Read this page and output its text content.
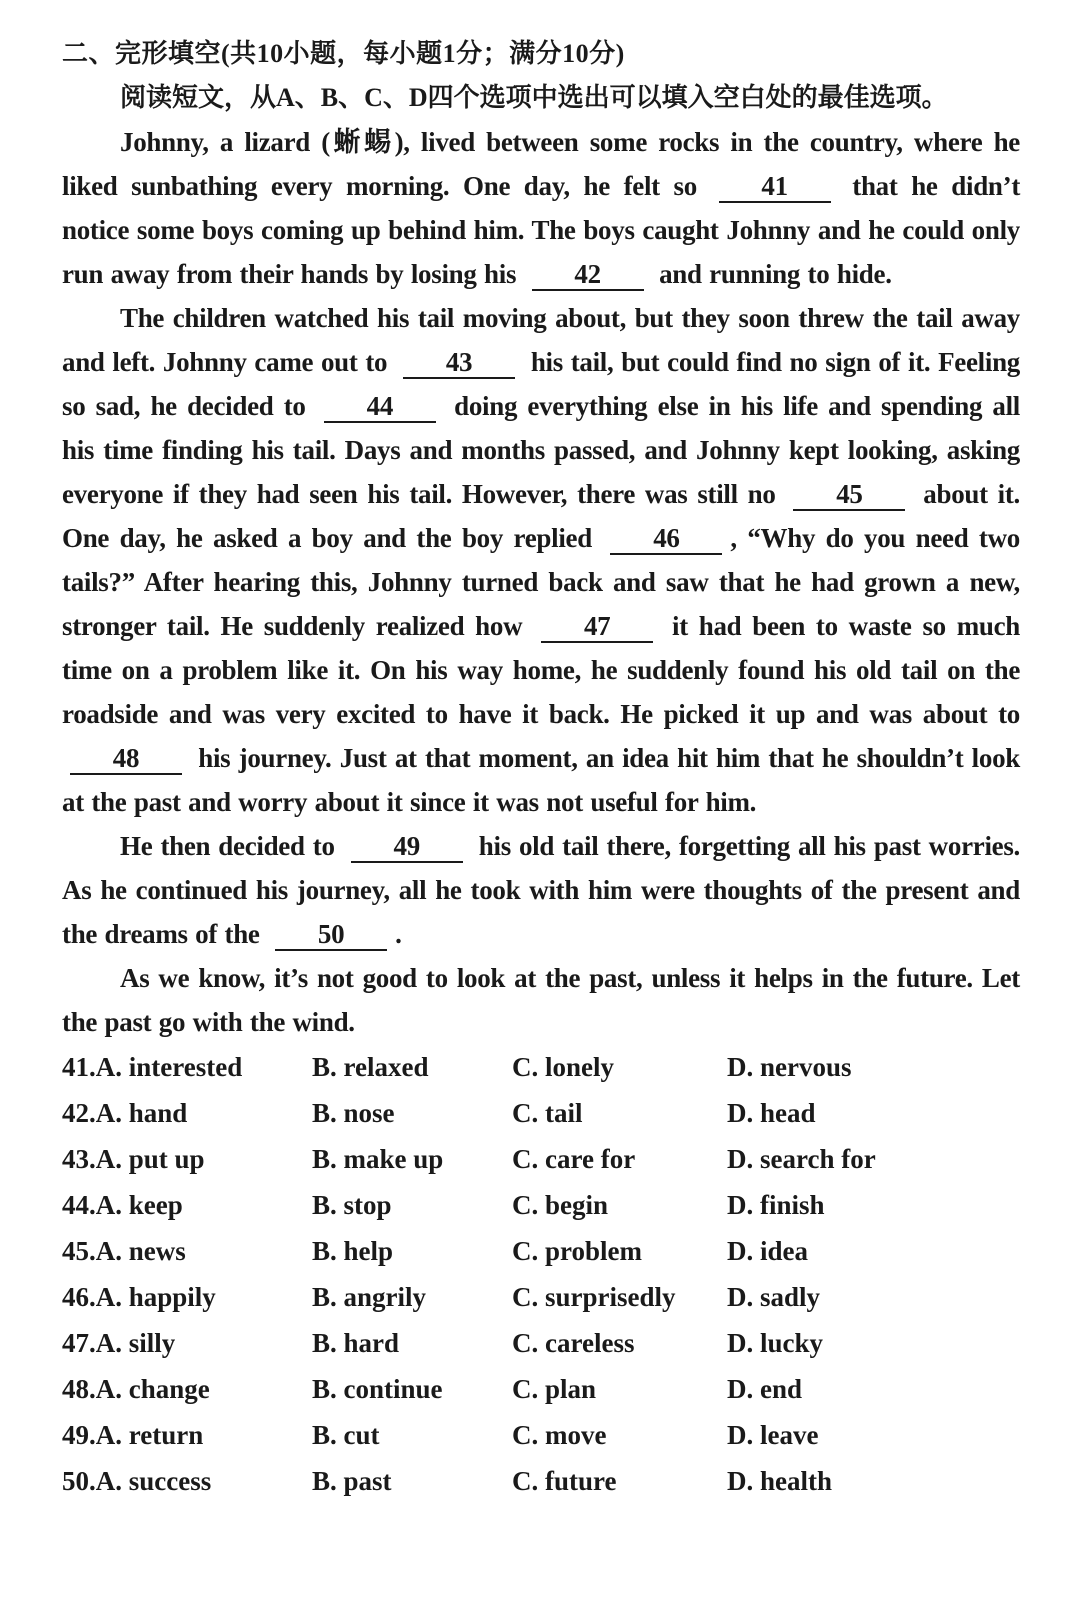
二、完形填空(共10小题，每小题1分；满分10分)

阅读短文，从A、B、C、D四个选项中选出可以填入空白处的最佳选项。

Johnny, a lizard (蜥蜴), lived between some rocks in the country, where he liked sunbathing every morning. One day, he felt so 41 that he didn’t notice some boys coming up behind him. The boys caught Johnny and he could only run away from their hands by losing his 42 and running to hide.

The children watched his tail moving about, but they soon threw the tail away and left. Johnny came out to 43 his tail, but could find no sign of it. Feeling so sad, he decided to 44 doing everything else in his life and spending all his time finding his tail. Days and months passed, and Johnny kept looking, asking everyone if they had seen his tail. However, there was still no 45 about it. One day, he asked a boy and the boy replied 46 , “Why do you need two tails?” After hearing this, Johnny turned back and saw that he had grown a new, stronger tail. He suddenly realized how 47 it had been to waste so much time on a problem like it. On his way home, he suddenly found his old tail on the roadside and was very excited to have it back. He picked it up and was about to 48 his journey. Just at that moment, an idea hit him that he shouldn’t look at the past and worry about it since it was not useful for him.

He then decided to 49 his old tail there, forgetting all his past worries. As he continued his journey, all he took with him were thoughts of the present and the dreams of the 50 .

As we know, it’s not good to look at the past, unless it helps in the future. Let the past go with the wind.

41.A. interested	B. relaxed	C. lonely	D. nervous
42.A. hand	B. nose	C. tail	D. head
43.A. put up	B. make up	C. care for	D. search for
44.A. keep	B. stop	C. begin	D. finish
45.A. news	B. help	C. problem	D. idea
46.A. happily	B. angrily	C. surprisedly	D. sadly
47.A. silly	B. hard	C. careless	D. lucky
48.A. change	B. continue	C. plan	D. end
49.A. return	B. cut	C. move	D. leave
50.A. success	B. past	C. future	D. health
